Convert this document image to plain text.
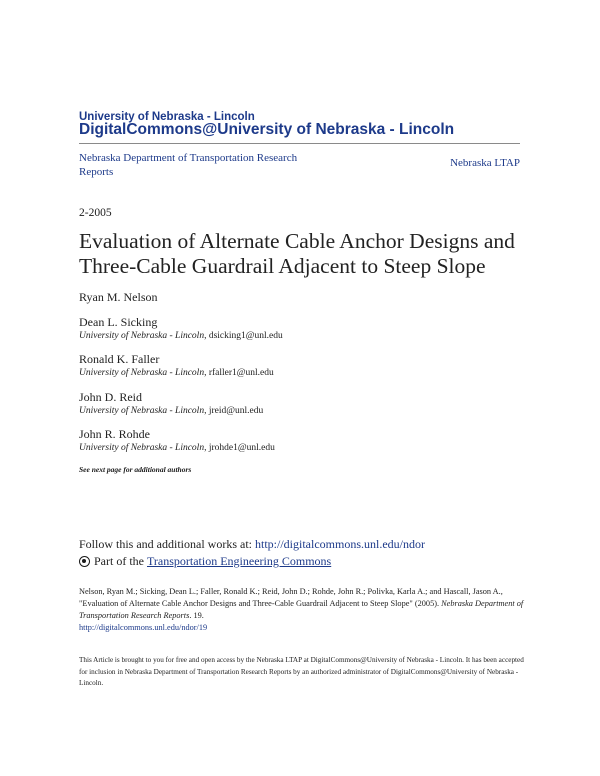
University of Nebraska - Lincoln
DigitalCommons@University of Nebraska - Lincoln
Nebraska Department of Transportation Research Reports
Nebraska LTAP
2-2005
Evaluation of Alternate Cable Anchor Designs and Three-Cable Guardrail Adjacent to Steep Slope
Ryan M. Nelson
Dean L. Sicking
University of Nebraska - Lincoln, dsicking1@unl.edu
Ronald K. Faller
University of Nebraska - Lincoln, rfaller1@unl.edu
John D. Reid
University of Nebraska - Lincoln, jreid@unl.edu
John R. Rohde
University of Nebraska - Lincoln, jrohde1@unl.edu
See next page for additional authors
Follow this and additional works at: http://digitalcommons.unl.edu/ndor
Part of the
Transportation Engineering Commons
Nelson, Ryan M.; Sicking, Dean L.; Faller, Ronald K.; Reid, John D.; Rohde, John R.; Polivka, Karla A.; and Hascall, Jason A., "Evaluation of Alternate Cable Anchor Designs and Three-Cable Guardrail Adjacent to Steep Slope" (2005). Nebraska Department of Transportation Research Reports. 19.
http://digitalcommons.unl.edu/ndor/19
This Article is brought to you for free and open access by the Nebraska LTAP at DigitalCommons@University of Nebraska - Lincoln. It has been accepted for inclusion in Nebraska Department of Transportation Research Reports by an authorized administrator of DigitalCommons@University of Nebraska - Lincoln.
